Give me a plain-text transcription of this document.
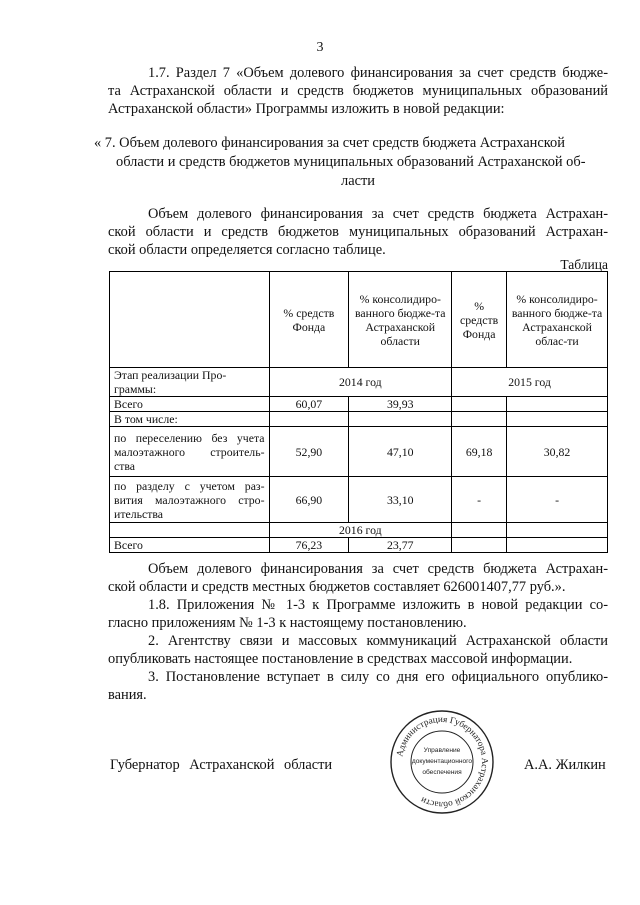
3
1.7. Раздел 7 «Объем долевого финансирования за счет средств бюдже-
та Астраханской области и средств бюджетов муниципальных образований
Астраханской области» Программы изложить в новой редакции:
« 7. Объем долевого финансирования за счет средств бюджета Астраханской
области и средств бюджетов муниципальных образований Астраханской об-
ласти
Объем долевого финансирования за счет средств бюджета Астрахан-
ской области и средств бюджетов муниципальных образований Астрахан-
ской области определяется согласно таблице.
Таблица
	% средств Фонда	% консолидиро-ванного бюдже-та Астраханской области	% средств Фонда	% консолидиро-ванного бюдже-та Астраханской облас-ти
Этап реализации Про-граммы:	2014 год		2015 год	
Всего	60,07	39,93		
В том числе:				

по переселению без учета
малоэтажного строитель-
ства	52,90	47,10	69,18	30,82

по разделу с учетом раз-
вития малоэтажного стро-
ительства	66,90	33,10	-	-
	2016 год			
Всего	76,23	23,77		
Объем долевого финансирования за счет средств бюджета Астрахан-
ской области и средств местных бюджетов составляет 626001407,77 руб.».
1.8. Приложения № 1-3 к Программе изложить в новой редакции со-
гласно приложениям № 1-3 к настоящему постановлению.
2. Агентству связи и массовых коммуникаций Астраханской области
опубликовать настоящее постановление в средствах массовой информации.
3. Постановление вступает в силу со дня его официального опублико-
вания.
Губернатор Астраханской области
Администрация Губернатора Астраханской области
Управление
документационного
обеспечения	А.А. Жилкин
